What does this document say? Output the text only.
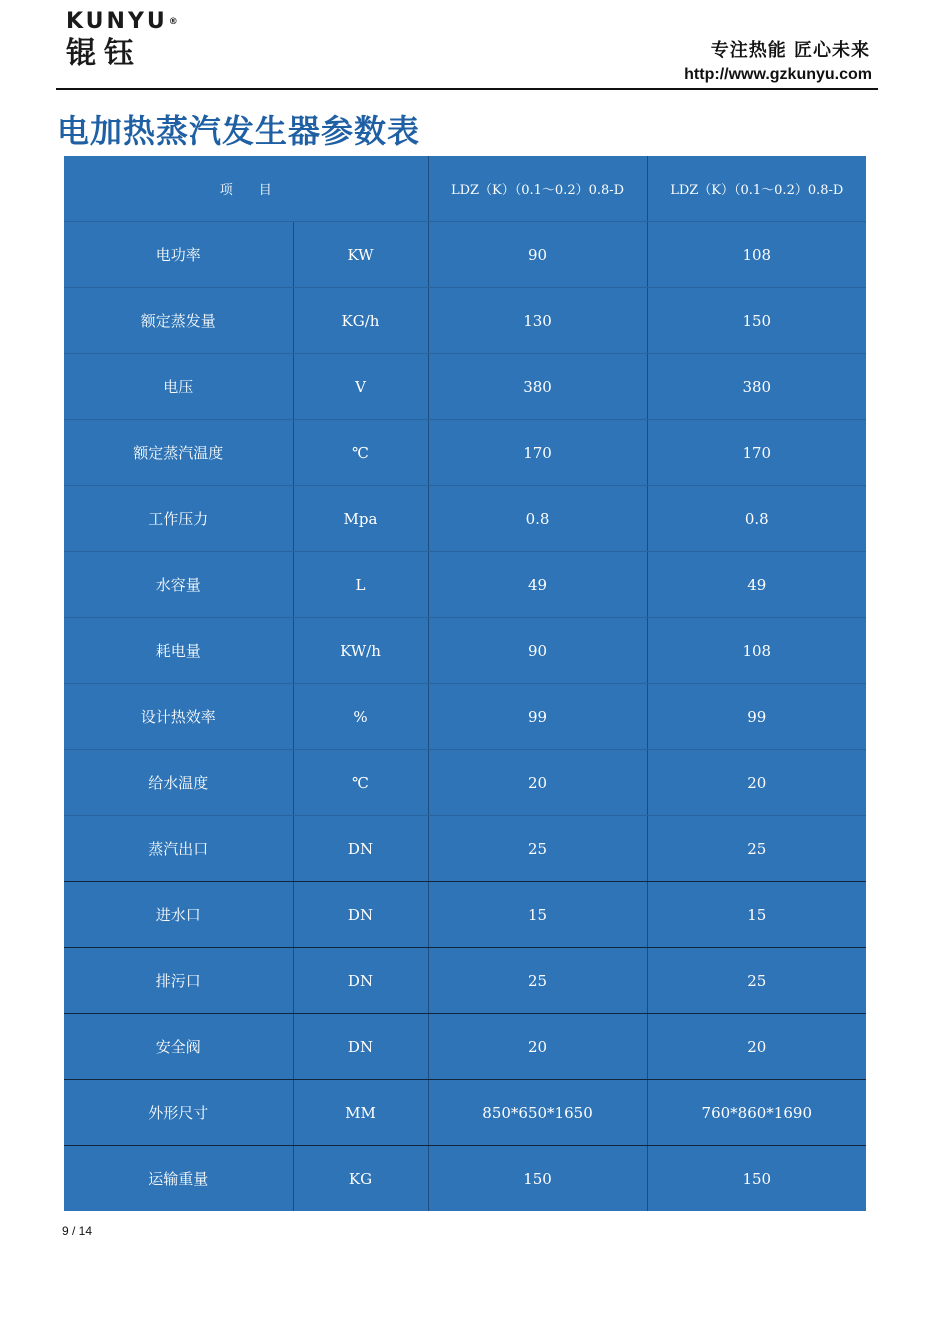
KUNYU®
锟钰	专注热能 匠心未来
http://www.gzkunyu.com
电加热蒸汽发生器参数表
项　　目		LDZ（K）（0.1～0.2）0.8-D	LDZ（K）（0.1～0.2）0.8-D
电功率	KW	90	108
额定蒸发量	KG/h	130	150
电压	V	380	380
额定蒸汽温度	℃	170	170
工作压力	Mpa	0.8	0.8
水容量	L	49	49
耗电量	KW/h	90	108
设计热效率	%	99	99
给水温度	℃	20	20
蒸汽出口	DN	25	25
进水口	DN	15	15
排污口	DN	25	25
安全阀	DN	20	20
外形尺寸	MM	850*650*1650	760*860*1690
运输重量	KG	150	150
9 / 14
